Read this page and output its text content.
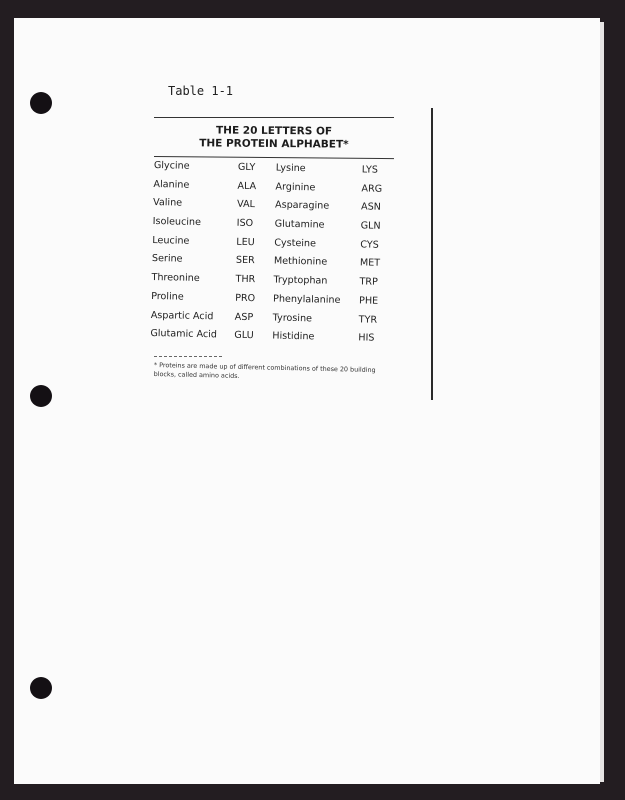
Table 1-1
THE 20 LETTERS OF
THE PROTEIN ALPHABET*
Glycine	GLY Lysine	LYS
Alanine	ALA Arginine	ARG
Valine	VAL Asparagine	ASN
Isoleucine	ISO Glutamine	GLN
Leucine	LEU Cysteine	CYS
Serine	SER Methionine	MET
Threonine	THR Tryptophan	TRP
Proline	PRO Phenylalanine PHE
Aspartic Acid ASP Tyrosine	TYR
Glutamic Acid GLU Histidine	HIS
* Proteins are made up of different combinations of these 20 building blocks, called amino acids.
